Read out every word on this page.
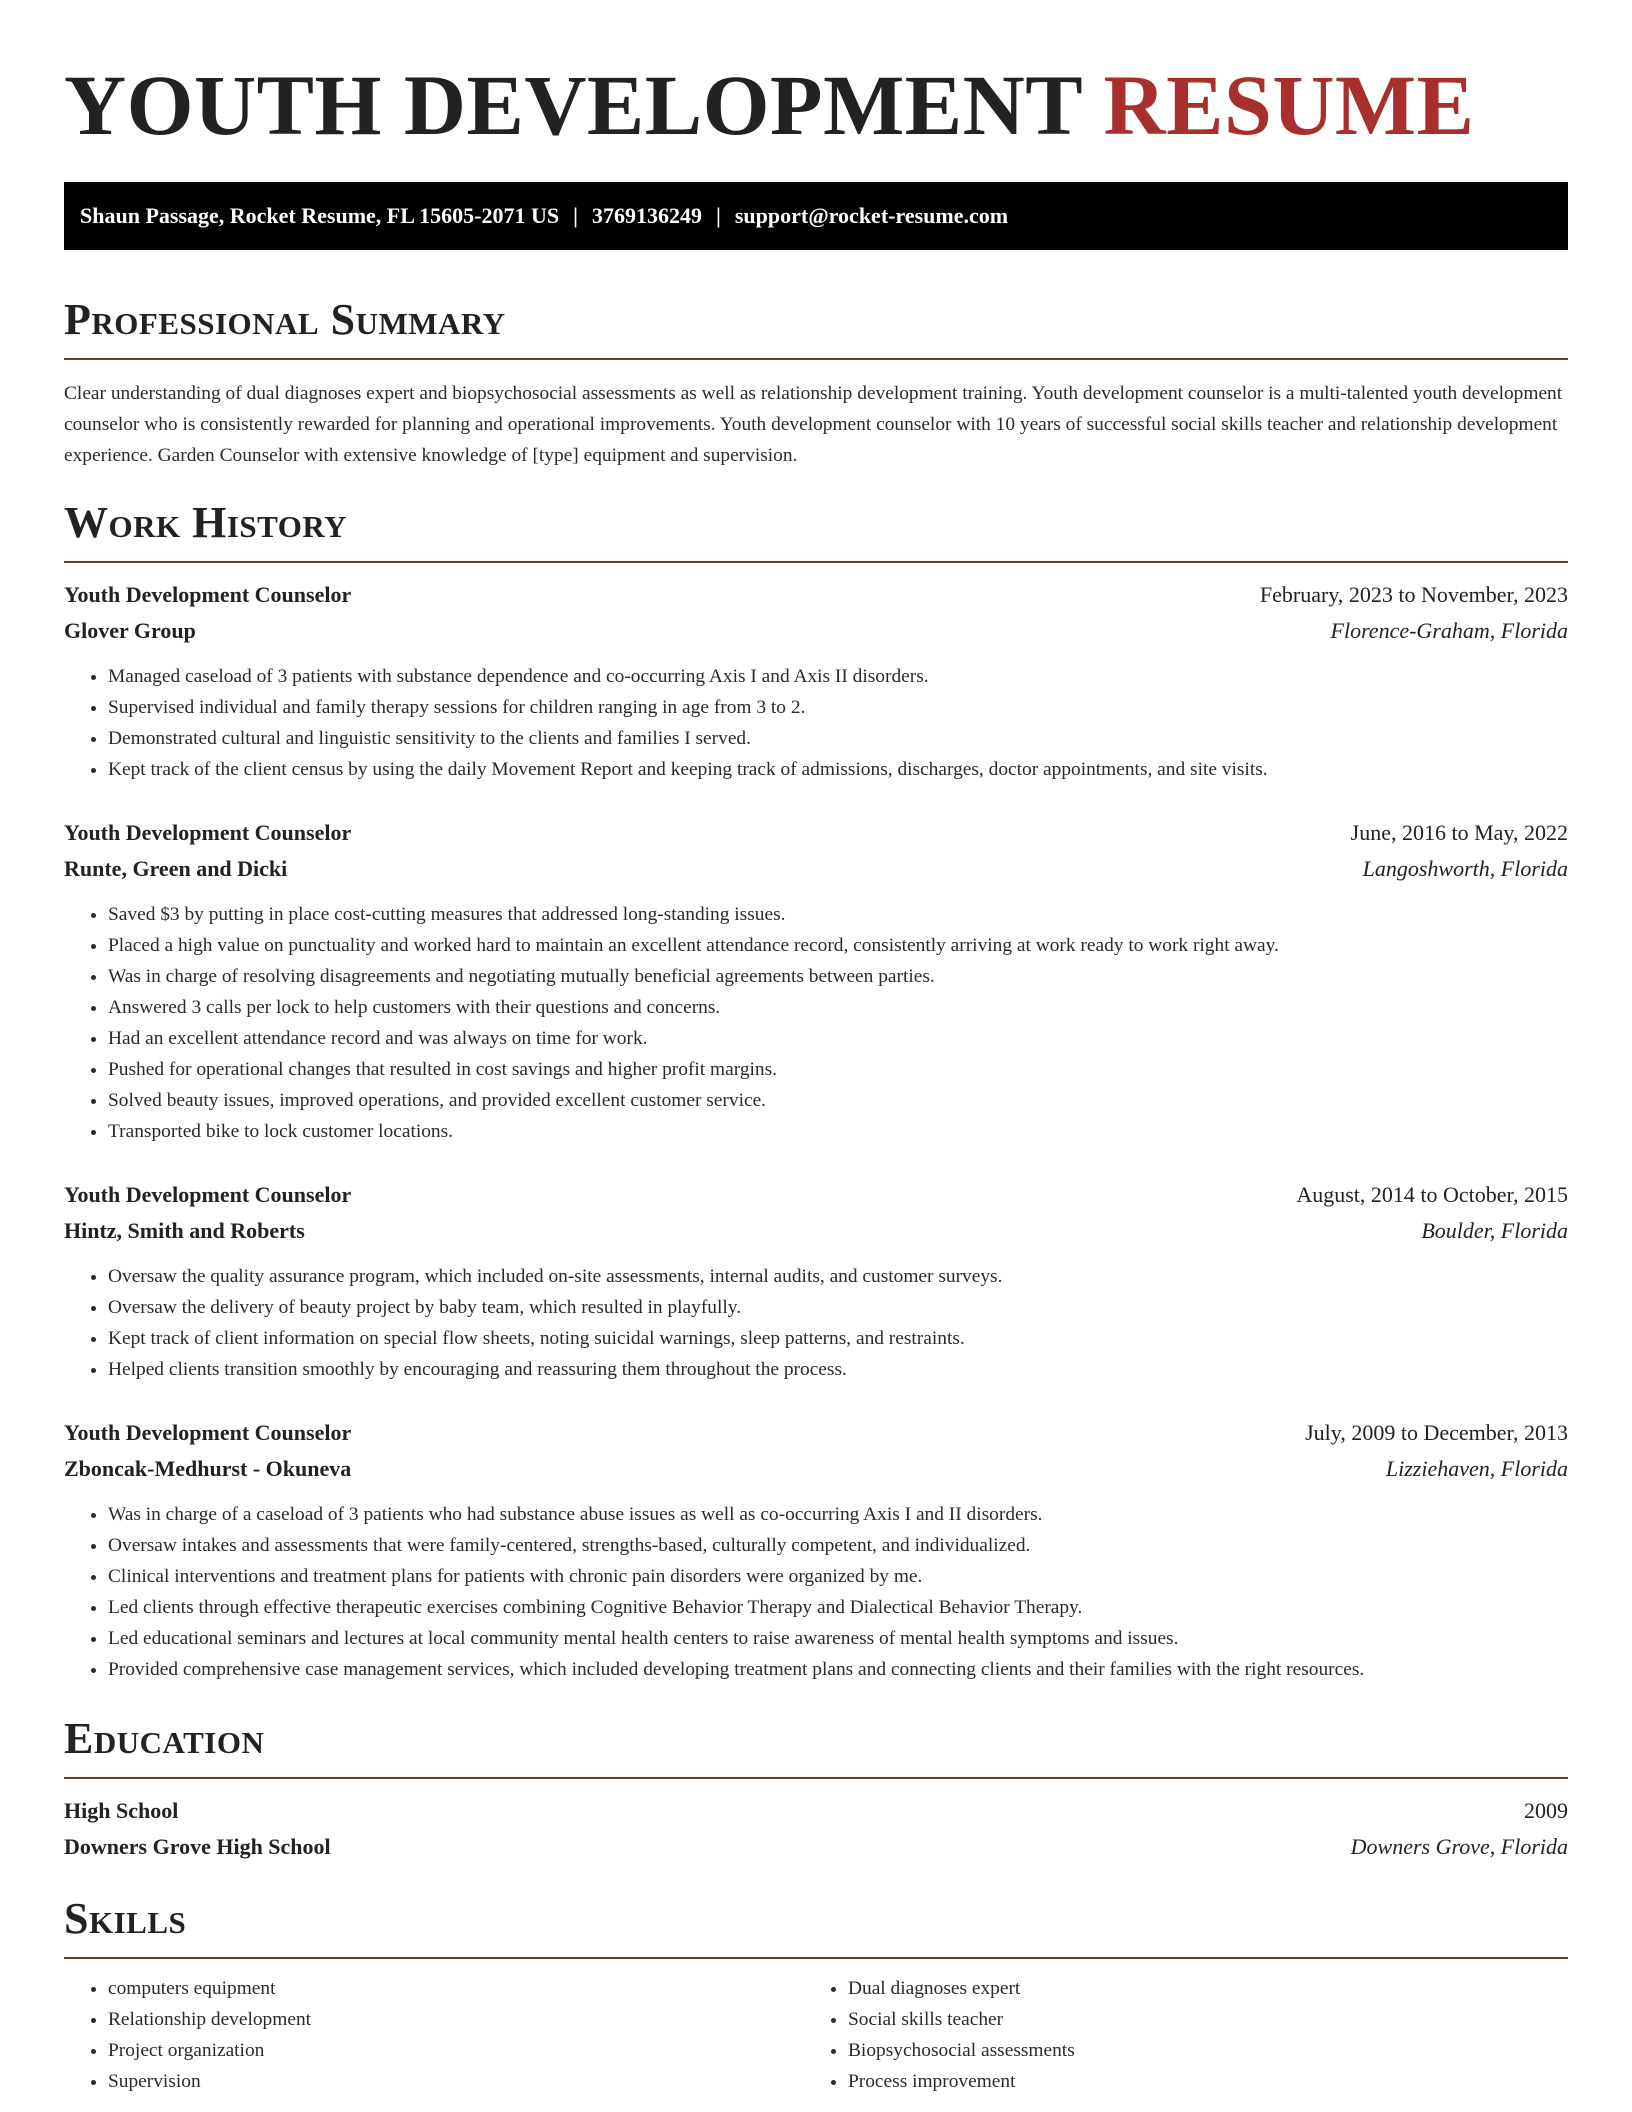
YOUTH DEVELOPMENT RESUME
Shaun Passage, Rocket Resume, FL 15605-2071 US | 3769136249 | support@rocket-resume.com
Professional Summary

Clear understanding of dual diagnoses expert and biopsychosocial assessments as well as relationship development training. Youth development counselor is a multi-talented youth development counselor who is consistently rewarded for planning and operational improvements. Youth development counselor with 10 years of successful social skills teacher and relationship development experience. Garden Counselor with extensive knowledge of [type] equipment and supervision.

Work History
Youth Development Counselor	February, 2023 to November, 2023
Glover Group	Florence-Graham, Florida
• Managed caseload of 3 patients with substance dependence and co-occurring Axis I and Axis II disorders.
• Supervised individual and family therapy sessions for children ranging in age from 3 to 2.
• Demonstrated cultural and linguistic sensitivity to the clients and families I served.
• Kept track of the client census by using the daily Movement Report and keeping track of admissions, discharges, doctor appointments, and site visits.
Youth Development Counselor	June, 2016 to May, 2022
Runte, Green and Dicki	Langoshworth, Florida
• Saved $3 by putting in place cost-cutting measures that addressed long-standing issues.
• Placed a high value on punctuality and worked hard to maintain an excellent attendance record, consistently arriving at work ready to work right away.
• Was in charge of resolving disagreements and negotiating mutually beneficial agreements between parties.
• Answered 3 calls per lock to help customers with their questions and concerns.
• Had an excellent attendance record and was always on time for work.
• Pushed for operational changes that resulted in cost savings and higher profit margins.
• Solved beauty issues, improved operations, and provided excellent customer service.
• Transported bike to lock customer locations.
Youth Development Counselor	August, 2014 to October, 2015
Hintz, Smith and Roberts	Boulder, Florida
• Oversaw the quality assurance program, which included on-site assessments, internal audits, and customer surveys.
• Oversaw the delivery of beauty project by baby team, which resulted in playfully.
• Kept track of client information on special flow sheets, noting suicidal warnings, sleep patterns, and restraints.
• Helped clients transition smoothly by encouraging and reassuring them throughout the process.
Youth Development Counselor	July, 2009 to December, 2013
Zboncak-Medhurst - Okuneva	Lizziehaven, Florida
• Was in charge of a caseload of 3 patients who had substance abuse issues as well as co-occurring Axis I and II disorders.
• Oversaw intakes and assessments that were family-centered, strengths-based, culturally competent, and individualized.
• Clinical interventions and treatment plans for patients with chronic pain disorders were organized by me.
• Led clients through effective therapeutic exercises combining Cognitive Behavior Therapy and Dialectical Behavior Therapy.
• Led educational seminars and lectures at local community mental health centers to raise awareness of mental health symptoms and issues.
• Provided comprehensive case management services, which included developing treatment plans and connecting clients and their families with the right resources.
Education
High School	2009
Downers Grove High School	Downers Grove, Florida
Skills
• computers equipment
• Relationship development
• Project organization
• Supervision
• Dual diagnoses expert
• Social skills teacher
• Biopsychosocial assessments
• Process improvement
